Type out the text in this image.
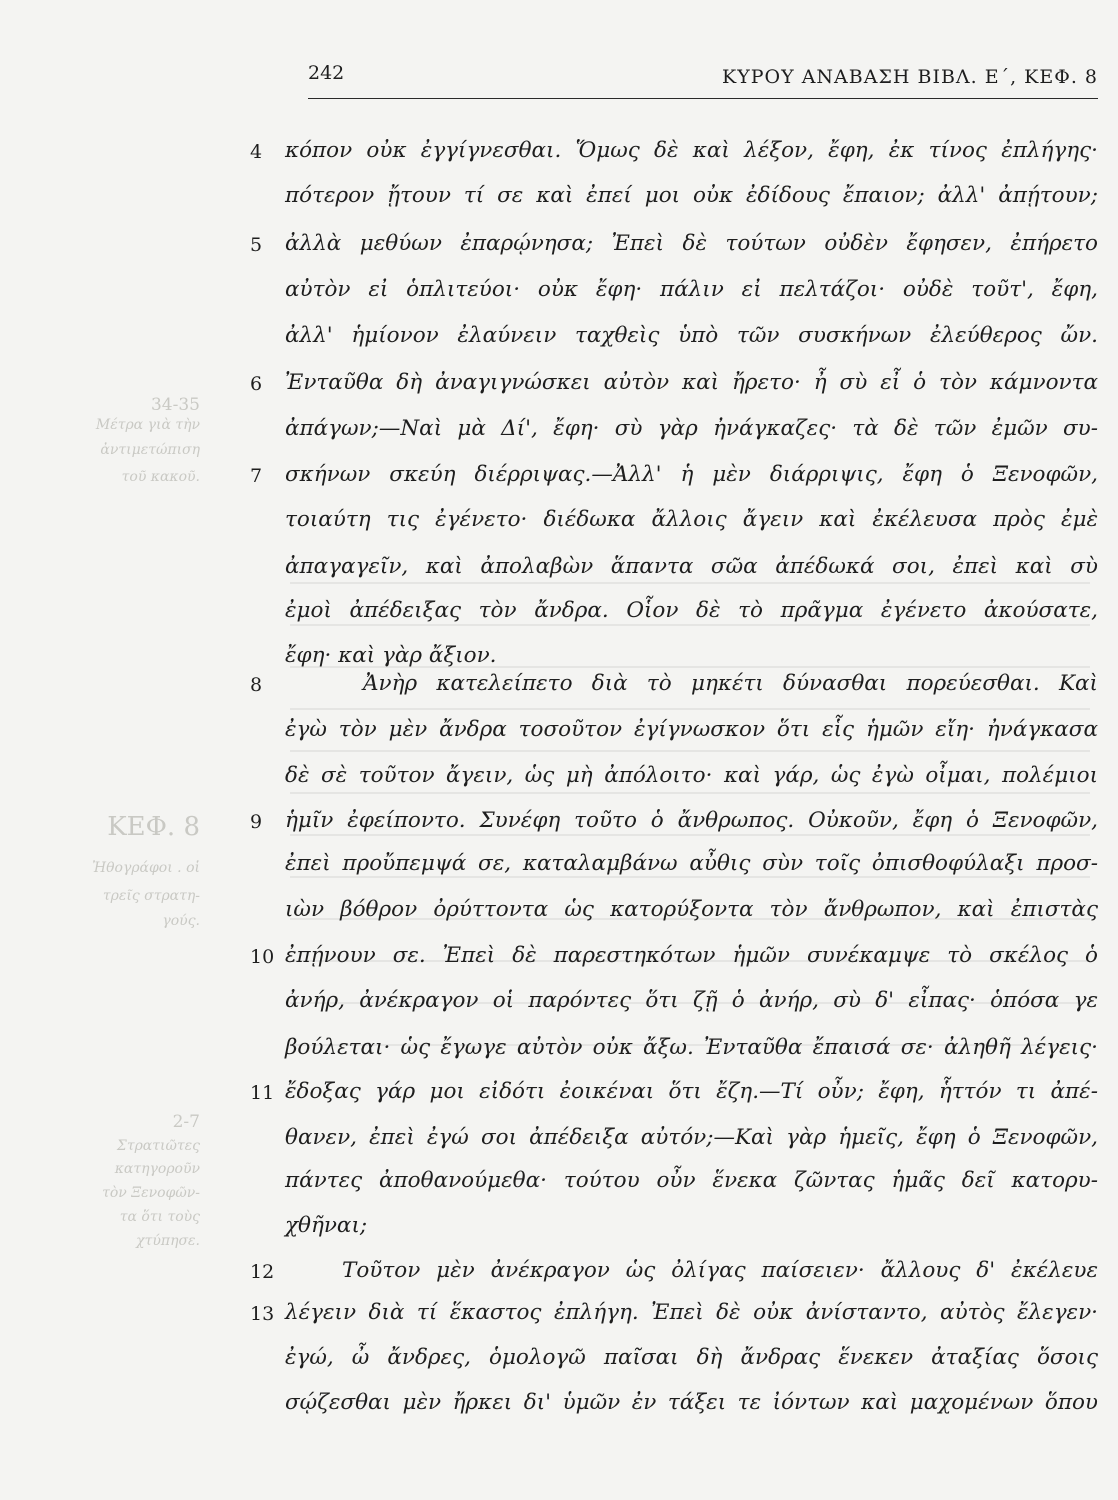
242	ΚΥΡΟΥ ΑΝΑΒΑΣΗ ΒΙΒΛ. Ε΄, ΚΕΦ. 8
34-35
Μέτρα γιὰ τὴν
ἀντιμετώπιση
τοῦ κακοῦ.
ΚΕΦ. 8
Ἠθογράφοι . οἱ
τρεῖς στρατη-
γούς.
2-7
Στρατιῶτες
κατηγοροῦν
τὸν Ξενοφῶν-
τα ὅτι τοὺς
χτύπησε.
4	κόπον οὐκ ἐγγίγνεσθαι. Ὅμως δὲ καὶ λέξον, ἔφη, ἐκ τίνος ἐπλήγης·
πότερον ᾔτουν τί σε καὶ ἐπεί μοι οὐκ ἐδίδους ἔπαιον; ἀλλ' ἀπῄτουν;
5	ἀλλὰ μεθύων ἐπαρῴνησα; Ἐπεὶ δὲ τούτων οὐδὲν ἔφησεν, ἐπήρετο
αὐτὸν εἰ ὁπλιτεύοι· οὐκ ἔφη· πάλιν εἰ πελτάζοι· οὐδὲ τοῦτ', ἔφη,
ἀλλ' ἡμίονον ἐλαύνειν ταχθεὶς ὑπὸ τῶν συσκήνων ἐλεύθερος ὤν.
6	Ἐνταῦθα δὴ ἀναγιγνώσκει αὐτὸν καὶ ἤρετο· ἦ σὺ εἶ ὁ τὸν κάμνοντα
ἀπάγων;—Ναὶ μὰ Δί', ἔφη· σὺ γὰρ ἠνάγκαζες· τὰ δὲ τῶν ἐμῶν συ-
7	σκήνων σκεύη διέρριψας.—Ἀλλ' ἡ μὲν διάρριψις, ἔφη ὁ Ξενοφῶν,
τοιαύτη τις ἐγένετο· διέδωκα ἄλλοις ἄγειν καὶ ἐκέλευσα πρὸς ἐμὲ
ἀπαγαγεῖν, καὶ ἀπολαβὼν ἅπαντα σῶα ἀπέδωκά σοι, ἐπεὶ καὶ σὺ
ἐμοὶ ἀπέδειξας τὸν ἄνδρα. Οἷον δὲ τὸ πρᾶγμα ἐγένετο ἀκούσατε,
ἔφη· καὶ γὰρ ἄξιον.
8	Ἀνὴρ κατελείπετο διὰ τὸ μηκέτι δύνασθαι πορεύεσθαι. Καὶ
ἐγὼ τὸν μὲν ἄνδρα τοσοῦτον ἐγίγνωσκον ὅτι εἷς ἡμῶν εἴη· ἠνάγκασα
δὲ σὲ τοῦτον ἄγειν, ὡς μὴ ἀπόλοιτο· καὶ γάρ, ὡς ἐγὼ οἶμαι, πολέμιοι
9	ἡμῖν ἐφείποντο. Συνέφη τοῦτο ὁ ἄνθρωπος. Οὐκοῦν, ἔφη ὁ Ξενοφῶν,
ἐπεὶ προὔπεμψά σε, καταλαμβάνω αὖθις σὺν τοῖς ὀπισθοφύλαξι προσ-
ιὼν βόθρον ὀρύττοντα ὡς κατορύξοντα τὸν ἄνθρωπον, καὶ ἐπιστὰς
10 ἐπῄνουν σε. Ἐπεὶ δὲ παρεστηκότων ἡμῶν συνέκαμψε τὸ σκέλος ὁ
ἀνήρ, ἀνέκραγον οἱ παρόντες ὅτι ζῇ ὁ ἀνήρ, σὺ δ' εἶπας· ὁπόσα γε
βούλεται· ὡς ἔγωγε αὐτὸν οὐκ ἄξω. Ἐνταῦθα ἔπαισά σε· ἀληθῆ λέγεις·
11 ἔδοξας γάρ μοι εἰδότι ἐοικέναι ὅτι ἔζη.—Τί οὖν; ἔφη, ἧττόν τι ἀπέ-
θανεν, ἐπεὶ ἐγώ σοι ἀπέδειξα αὐτόν;—Καὶ γὰρ ἡμεῖς, ἔφη ὁ Ξενοφῶν,
πάντες ἀποθανούμεθα· τούτου οὖν ἕνεκα ζῶντας ἡμᾶς δεῖ κατορυ-
χθῆναι;
12	Τοῦτον μὲν ἀνέκραγον ὡς ὀλίγας παίσειεν· ἄλλους δ' ἐκέλευε
13 λέγειν διὰ τί ἕκαστος ἐπλήγη. Ἐπεὶ δὲ οὐκ ἀνίσταντο, αὐτὸς ἔλεγεν·
ἐγώ, ὦ ἄνδρες, ὁμολογῶ παῖσαι δὴ ἄνδρας ἕνεκεν ἀταξίας ὅσοις
σῴζεσθαι μὲν ἤρκει δι' ὑμῶν ἐν τάξει τε ἰόντων καὶ μαχομένων ὅπου
